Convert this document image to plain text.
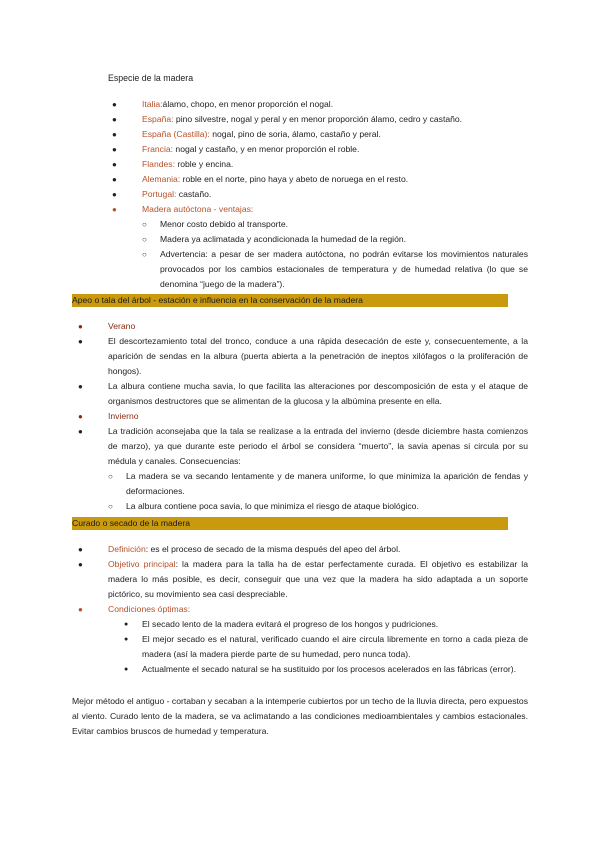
Especie de la madera
●	Italia:álamo, chopo, en menor proporción el nogal.
●	España: pino silvestre, nogal y peral y en menor proporción álamo, cedro y castaño.
●	España (Castilla): nogal, pino de soria, álamo, castaño y peral.
●	Francia: nogal y castaño, y en menor proporción el roble.
●	Flandes: roble y encina.
●	Alemania: roble en el norte, pino haya y abeto de noruega en el resto.
●	Portugal: castaño.
●	Madera autóctona - ventajas:
○ Menor costo debido al transporte.
○ Madera ya aclimatada y acondicionada la humedad de la región.
○ Advertencia: a pesar de ser madera autóctona, no podrán evitarse los movimientos naturales provocados por los cambios estacionales de temperatura y de humedad relativa (lo que se denomina “juego de la madera”).
Apeo o tala del árbol - estación e influencia en la conservación de la madera
●	Verano
●	El descortezamiento total del tronco, conduce a una rápida desecación de este y, consecuentemente, a la aparición de sendas en la albura (puerta abierta a la penetración de ineptos xilófagos o la proliferación de hongos).
●	La albura contiene mucha savia, lo que facilita las alteraciones por descomposición de esta y el ataque de organismos destructores que se alimentan de la glucosa y la albúmina presente en ella.
●	Invierno
●	La tradición aconsejaba que la tala se realizase a la entrada del invierno (desde diciembre hasta comienzos de marzo), ya que durante este periodo el árbol se considera “muerto”, la savia apenas si circula por su médula y canales. Consecuencias:
○ La madera se va secando lentamente y de manera uniforme, lo que minimiza la aparición de fendas y deformaciones.
○ La albura contiene poca savia, lo que minimiza el riesgo de ataque biológico.
Curado o secado de la madera
●	Definición: es el proceso de secado de la misma después del apeo del árbol.
●	Objetivo principal: la madera para la talla ha de estar perfectamente curada. El objetivo es estabilizar la madera lo más posible, es decir, conseguir que una vez que la madera ha sido adaptada a un soporte pictórico, su movimiento sea casi despreciable.
●	Condiciones óptimas:
● El secado lento de la madera evitará el progreso de los hongos y pudriciones.
● El mejor secado es el natural, verificado cuando el aire circula libremente en torno a cada pieza de madera (así la madera pierde parte de su humedad, pero nunca toda).
● Actualmente el secado natural se ha sustituido por los procesos acelerados en las fábricas (error).
Mejor método el antiguo - cortaban y secaban a la intemperie cubiertos por un techo de la lluvia directa, pero expuestos al viento. Curado lento de la madera, se va aclimatando a las condiciones medioambientales y cambios estacionales. Evitar cambios bruscos de humedad y temperatura.
